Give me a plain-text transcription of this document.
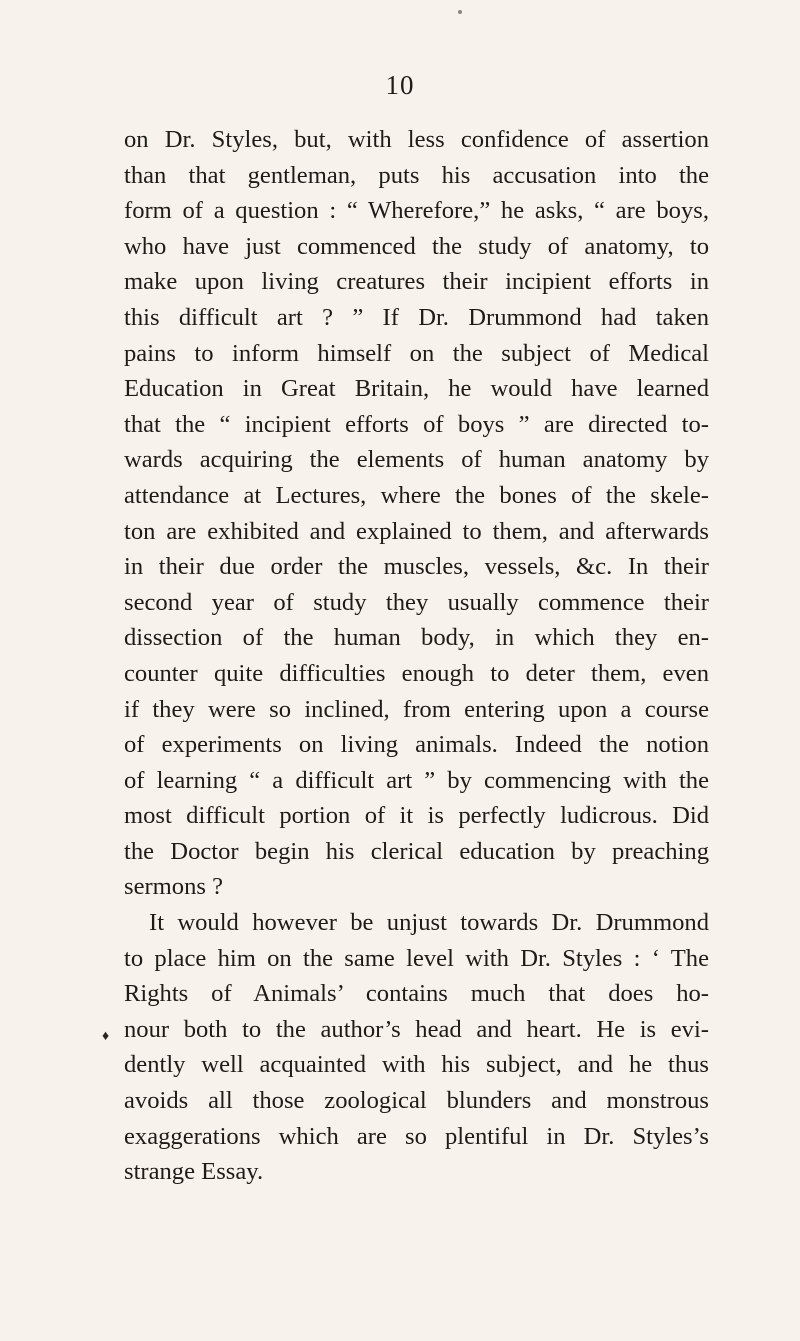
10
on Dr. Styles, but, with less confidence of assertion
than that gentleman, puts his accusation into the
form of a question : “ Wherefore,” he asks, “ are boys,
who have just commenced the study of anatomy, to
make upon living creatures their incipient efforts in
this difficult art ? ” If Dr. Drummond had taken
pains to inform himself on the subject of Medical
Education in Great Britain, he would have learned
that the “ incipient efforts of boys ” are directed to-
wards acquiring the elements of human anatomy by
attendance at Lectures, where the bones of the skele-
ton are exhibited and explained to them, and afterwards
in their due order the muscles, vessels, &c. In their
second year of study they usually commence their
dissection of the human body, in which they en-
counter quite difficulties enough to deter them, even
if they were so inclined, from entering upon a course
of experiments on living animals. Indeed the notion
of learning “ a difficult art ” by commencing with the
most difficult portion of it is perfectly ludicrous. Did
the Doctor begin his clerical education by preaching
sermons ?
It would however be unjust towards Dr. Drummond
to place him on the same level with Dr. Styles : ‘ The
Rights of Animals’ contains much that does ho-
nour both to the author’s head and heart. He is evi-
dently well acquainted with his subject, and he thus
avoids all those zoological blunders and monstrous
exaggerations which are so plentiful in Dr. Styles’s
strange Essay.
♦
